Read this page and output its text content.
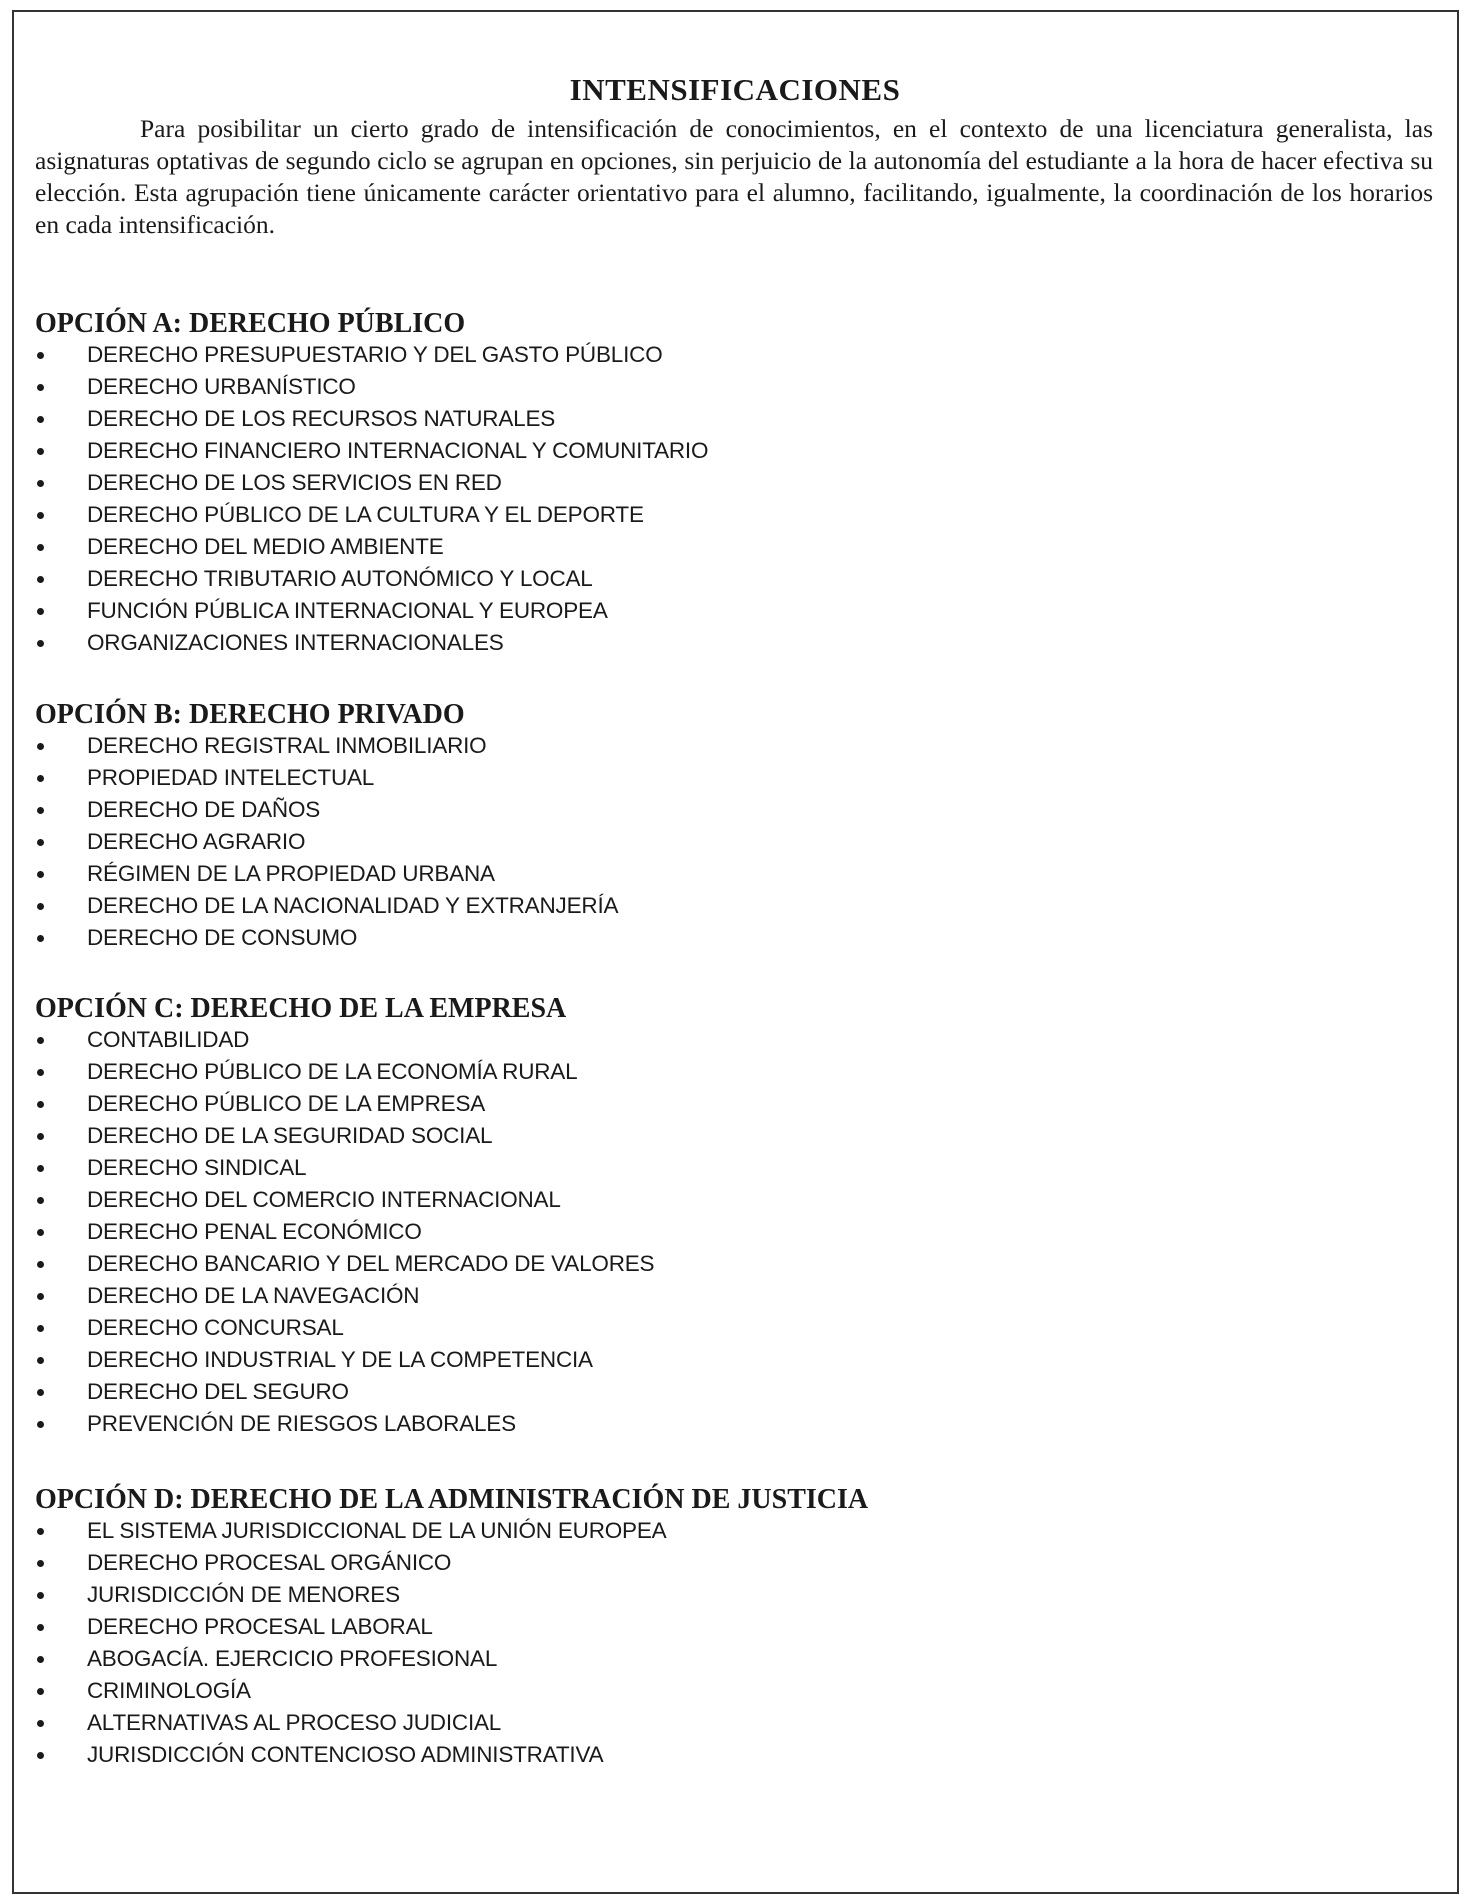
INTENSIFICACIONES

Para posibilitar un cierto grado de intensificación de conocimientos, en el contexto de una licenciatura generalista, las asignaturas optativas de segundo ciclo se agrupan en opciones, sin perjuicio de la autonomía del estudiante a la hora de hacer efectiva su elección. Esta agrupación tiene únicamente carácter orientativo para el alumno, facilitando, igualmente, la coordinación de los horarios en cada intensificación.

OPCIÓN A: DERECHO PÚBLICO
DERECHO PRESUPUESTARIO Y DEL GASTO PÚBLICO
DERECHO URBANÍSTICO
DERECHO DE LOS RECURSOS NATURALES
DERECHO FINANCIERO INTERNACIONAL Y COMUNITARIO
DERECHO DE LOS SERVICIOS EN RED
DERECHO PÚBLICO DE LA CULTURA Y EL DEPORTE
DERECHO DEL MEDIO AMBIENTE
DERECHO TRIBUTARIO AUTONÓMICO Y LOCAL
FUNCIÓN PÚBLICA INTERNACIONAL Y EUROPEA
ORGANIZACIONES INTERNACIONALES
OPCIÓN B: DERECHO PRIVADO
DERECHO REGISTRAL INMOBILIARIO
PROPIEDAD INTELECTUAL
DERECHO DE DAÑOS
DERECHO AGRARIO
RÉGIMEN DE LA PROPIEDAD URBANA
DERECHO DE LA NACIONALIDAD Y EXTRANJERÍA
DERECHO DE CONSUMO
OPCIÓN C: DERECHO DE LA EMPRESA
CONTABILIDAD
DERECHO PÚBLICO DE LA ECONOMÍA RURAL
DERECHO PÚBLICO DE LA EMPRESA
DERECHO DE LA SEGURIDAD SOCIAL
DERECHO SINDICAL
DERECHO DEL COMERCIO INTERNACIONAL
DERECHO PENAL ECONÓMICO
DERECHO BANCARIO Y DEL MERCADO DE VALORES
DERECHO DE LA NAVEGACIÓN
DERECHO CONCURSAL
DERECHO INDUSTRIAL Y DE LA COMPETENCIA
DERECHO DEL SEGURO
PREVENCIÓN DE RIESGOS LABORALES
OPCIÓN D: DERECHO DE LA ADMINISTRACIÓN DE JUSTICIA
EL SISTEMA JURISDICCIONAL DE LA UNIÓN EUROPEA
DERECHO PROCESAL ORGÁNICO
JURISDICCIÓN DE MENORES
DERECHO PROCESAL LABORAL
ABOGACÍA. EJERCICIO PROFESIONAL
CRIMINOLOGÍA
ALTERNATIVAS AL PROCESO JUDICIAL
JURISDICCIÓN CONTENCIOSO ADMINISTRATIVA
